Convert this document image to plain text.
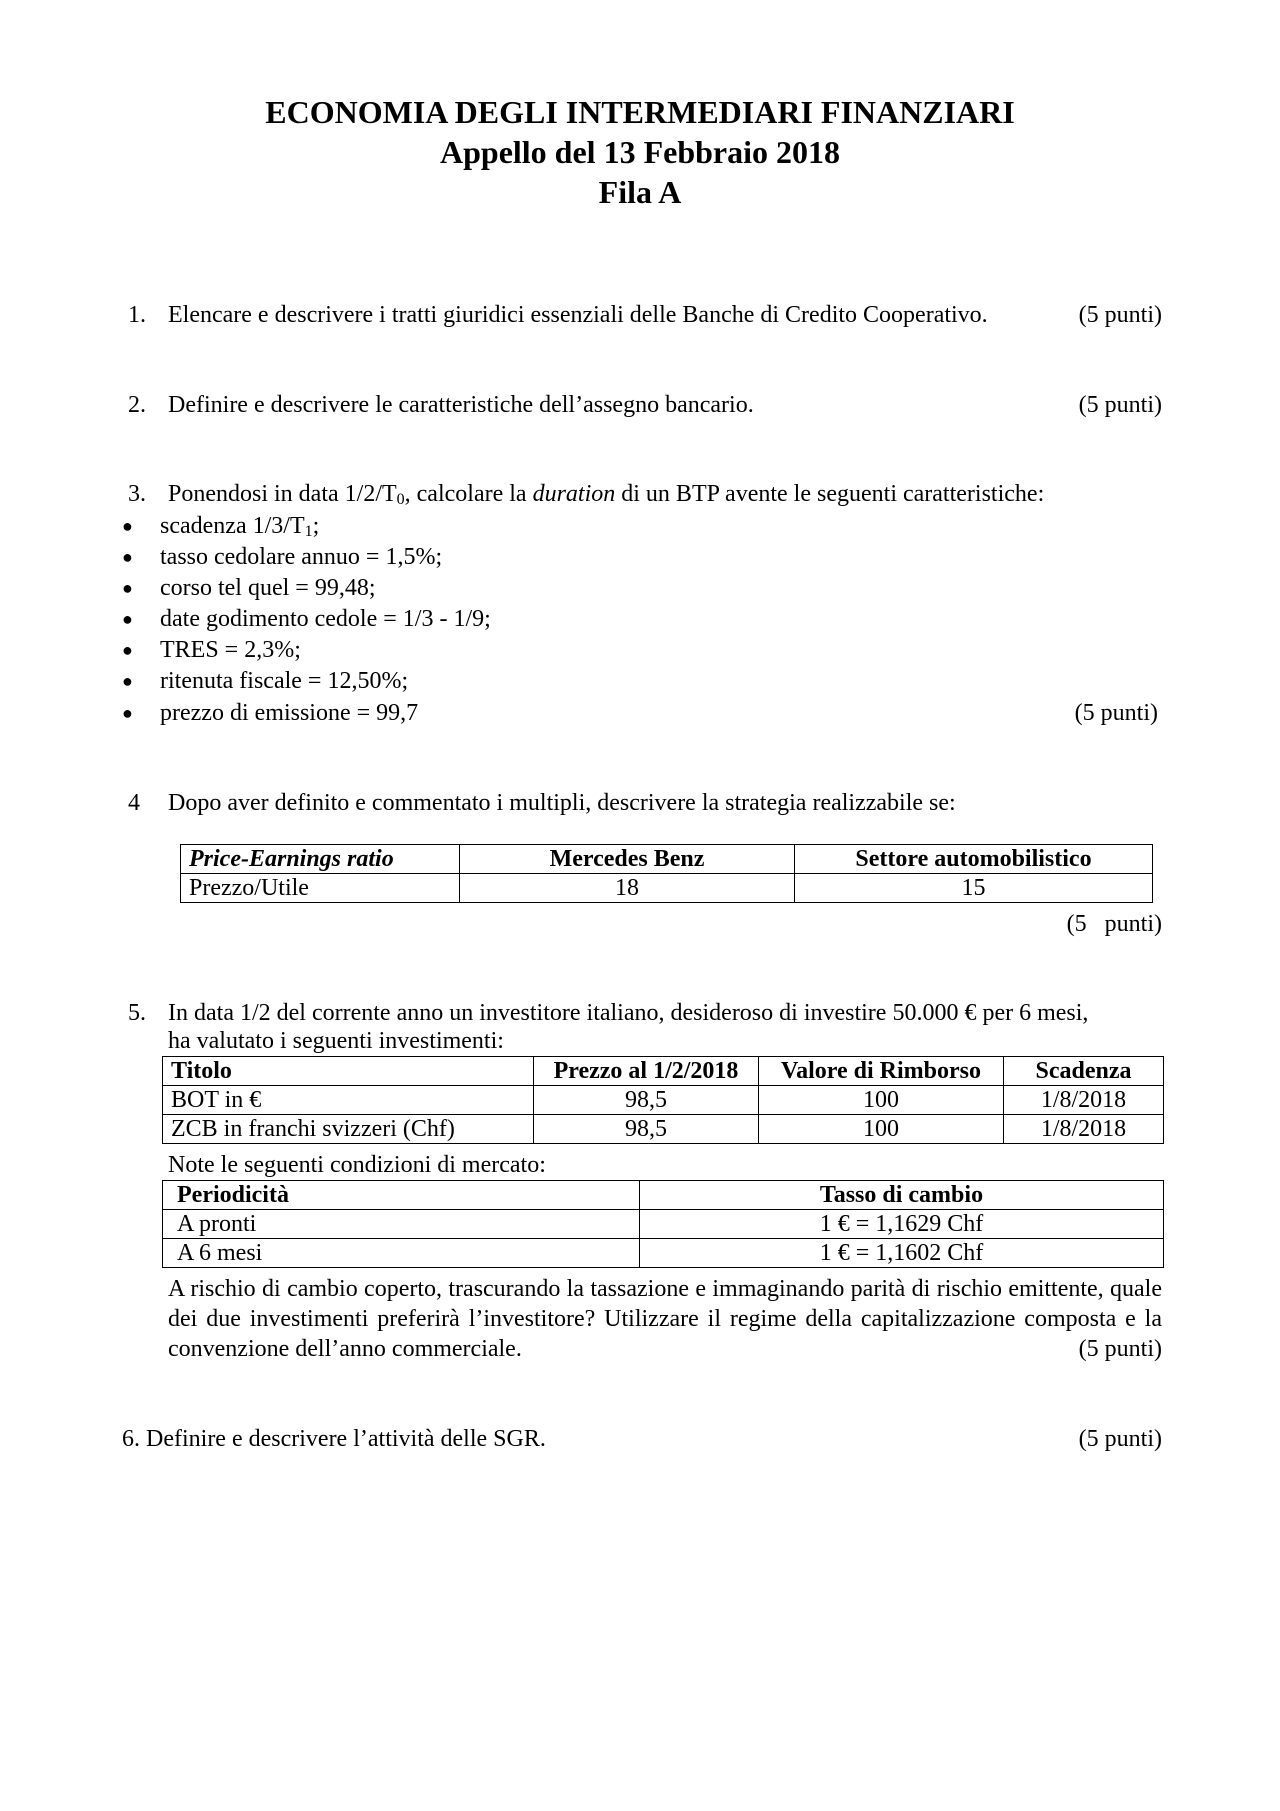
ECONOMIA DEGLI INTERMEDIARI FINANZIARI
Appello del 13 Febbraio 2018
Fila A
1. Elencare e descrivere i tratti giuridici essenziali delle Banche di Credito Cooperativo.	(5 punti)
2. Definire e descrivere le caratteristiche dell’assegno bancario.	(5 punti)
3. Ponendosi in data $1/2/T_0$, calcolare la duration di un BTP avente le seguenti caratteristiche:
● scadenza $1/3/T_1$;
● tasso cedolare annuo = 1,5%;
● corso tel quel = 99,48;
● date godimento cedole = 1/3 - 1/9;
● TRES = 2,3%;
● ritenuta fiscale = 12,50%;
● prezzo di emissione = 99,7	(5 punti)
4 Dopo aver definito e commentato i multipli, descrivere la strategia realizzabile se:
Price-Earnings ratio	Mercedes Benz	Settore automobilistico
Prezzo/Utile	18	15
(5   punti)
5. In data 1/2 del corrente anno un investitore italiano, desideroso di investire 50.000 € per 6 mesi,
ha valutato i seguenti investimenti:
Titolo	Prezzo al 1/2/2018	Valore di Rimborso	Scadenza
BOT in €	98,5	100	1/8/2018
ZCB in franchi svizzeri (Chf)	98,5	100	1/8/2018
Note le seguenti condizioni di mercato:
Periodicità	Tasso di cambio
A pronti	1 € = 1,1629 Chf
A 6 mesi	1 € = 1,1602 Chf
A rischio di cambio coperto, trascurando la tassazione e immaginando parità di rischio emittente, quale dei due investimenti preferirà l’investitore? Utilizzare il regime della capitalizzazione composta e la convenzione dell’anno commerciale.	(5 punti)
6. Definire e descrivere l’attività delle SGR.	(5 punti)
